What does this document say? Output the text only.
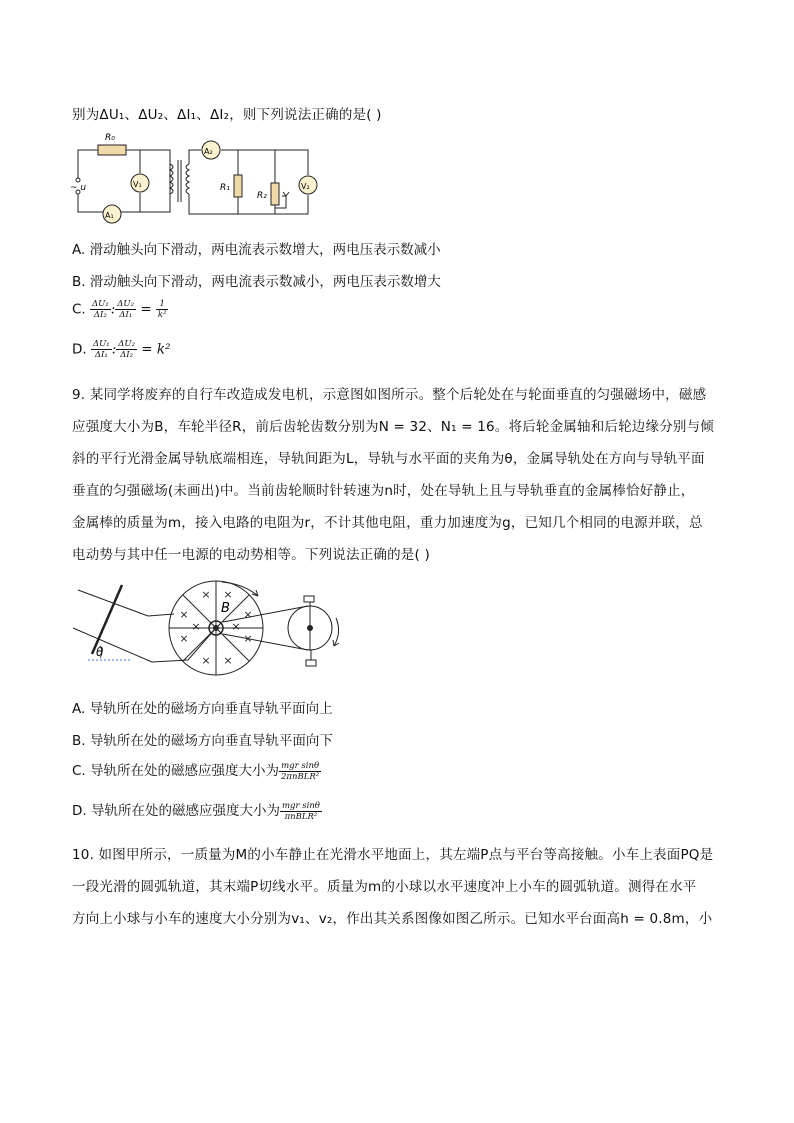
别为ΔU₁、ΔU₂、ΔI₁、ΔI₂，则下列说法正确的是( )
R₀
~ u
A₁
V₁
A₂
R₁
R₂
V₂
A. 滑动触头向下滑动，两电流表示数增大，两电压表示数减小
B. 滑动触头向下滑动，两电流表示数减小，两电压表示数增大
C. $\frac{\text{ΔU₁}}{\text{ΔI₂}}$ : $\frac{\text{ΔU₂}}{\text{ΔI₁}} = \frac{1}{\text{k²}}$
D. $\frac{\text{ΔU₁}}{\text{ΔI₁}}$ : $\frac{\text{ΔU₂}}{\text{ΔI₂}} = k^2$
9. 某同学将废弃的自行车改造成发电机，示意图如图所示。整个后轮处在与轮面垂直的匀强磁场中，磁感
应强度大小为B，车轮半径R，前后齿轮齿数分别为N = 32、N₁ = 16。将后轮金属轴和后轮边缘分别与倾
斜的平行光滑金属导轨底端相连，导轨间距为L，导轨与水平面的夹角为θ，金属导轨处在方向与导轨平面
垂直的匀强磁场(未画出)中。当前齿轮顺时针转速为n时，处在导轨上且与导轨垂直的金属棒恰好静止，
金属棒的质量为m，接入电路的电阻为r，不计其他电阻，重力加速度为g，已知几个相同的电源并联，总
电动势与其中任一电源的电动势相等。下列说法正确的是( )
× ×
×	×
×	×
× ×
×	×
B
θ
A. 导轨所在处的磁场方向垂直导轨平面向上
B. 导轨所在处的磁场方向垂直导轨平面向下
C. 导轨所在处的磁感应强度大小为 $\frac{\text{mgr sinθ}}{\text{2πnBLR²}}$
D. 导轨所在处的磁感应强度大小为 $\frac{\text{mgr sinθ}}{\text{πnBLR²}}$
10. 如图甲所示，一质量为M的小车静止在光滑水平地面上，其左端P点与平台等高接触。小车上表面PQ是
一段光滑的圆弧轨道，其末端P切线水平。质量为m的小球以水平速度冲上小车的圆弧轨道。测得在水平
方向上小球与小车的速度大小分别为v₁、v₂，作出其关系图像如图乙所示。已知水平台面高h = 0.8m，小
